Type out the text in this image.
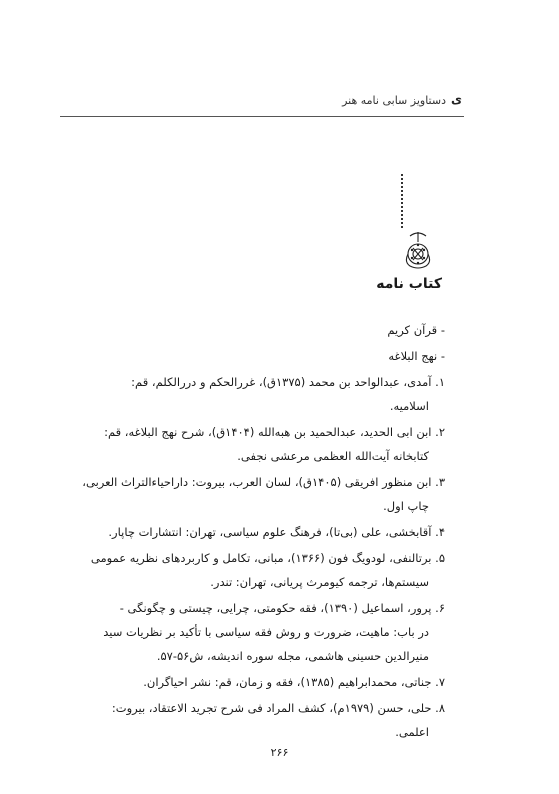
ى
دستاویز سابی نامه هنر
کتاب نامه
- قرآن کریم
- نهج البلاغه
۱. آمدی، عبدالواحد بن محمد (۱۳۷۵ق)، غررالحکم و دررالکلم، قم:
اسلامیه.
۲. ابن ابی الحدید، عبدالحمید بن هبه‌الله (۱۴۰۴ق)، شرح نهج البلاغه، قم:
کتابخانه آیت‌الله العظمی مرعشی نجفی.
۳. ابن منظور افریقی (۱۴۰۵ق)، لسان العرب، بیروت: داراحیاءالتراث العربی،
چاپ اول.
۴. آقابخشی، علی (بی‌تا)، فرهنگ علوم سیاسی، تهران: انتشارات چاپار.
۵. برتالنفی، لودویگ فون (۱۳۶۶)، مبانی، تکامل و کاربردهای نظریه عمومی
سیستم‌ها، ترجمه کیومرث پریانی، تهران: تندر.
۶. پرور، اسماعیل (۱۳۹۰)، فقه حکومتی، چرایی، چیستی و چگونگی -
در باب: ماهیت، ضرورت و روش فقه سیاسی با تأکید بر نظریات سید
منیرالدین حسینی هاشمی، مجله سوره اندیشه، ش۵۶-۵۷.
۷. جناتی، محمدابراهیم (۱۳۸۵)، فقه و زمان، قم: نشر احیاگران.
۸. حلی، حسن (۱۹۷۹م)، کشف المراد فی شرح تجرید الاعتقاد، بیروت:
اعلمی.
۲۶۶
